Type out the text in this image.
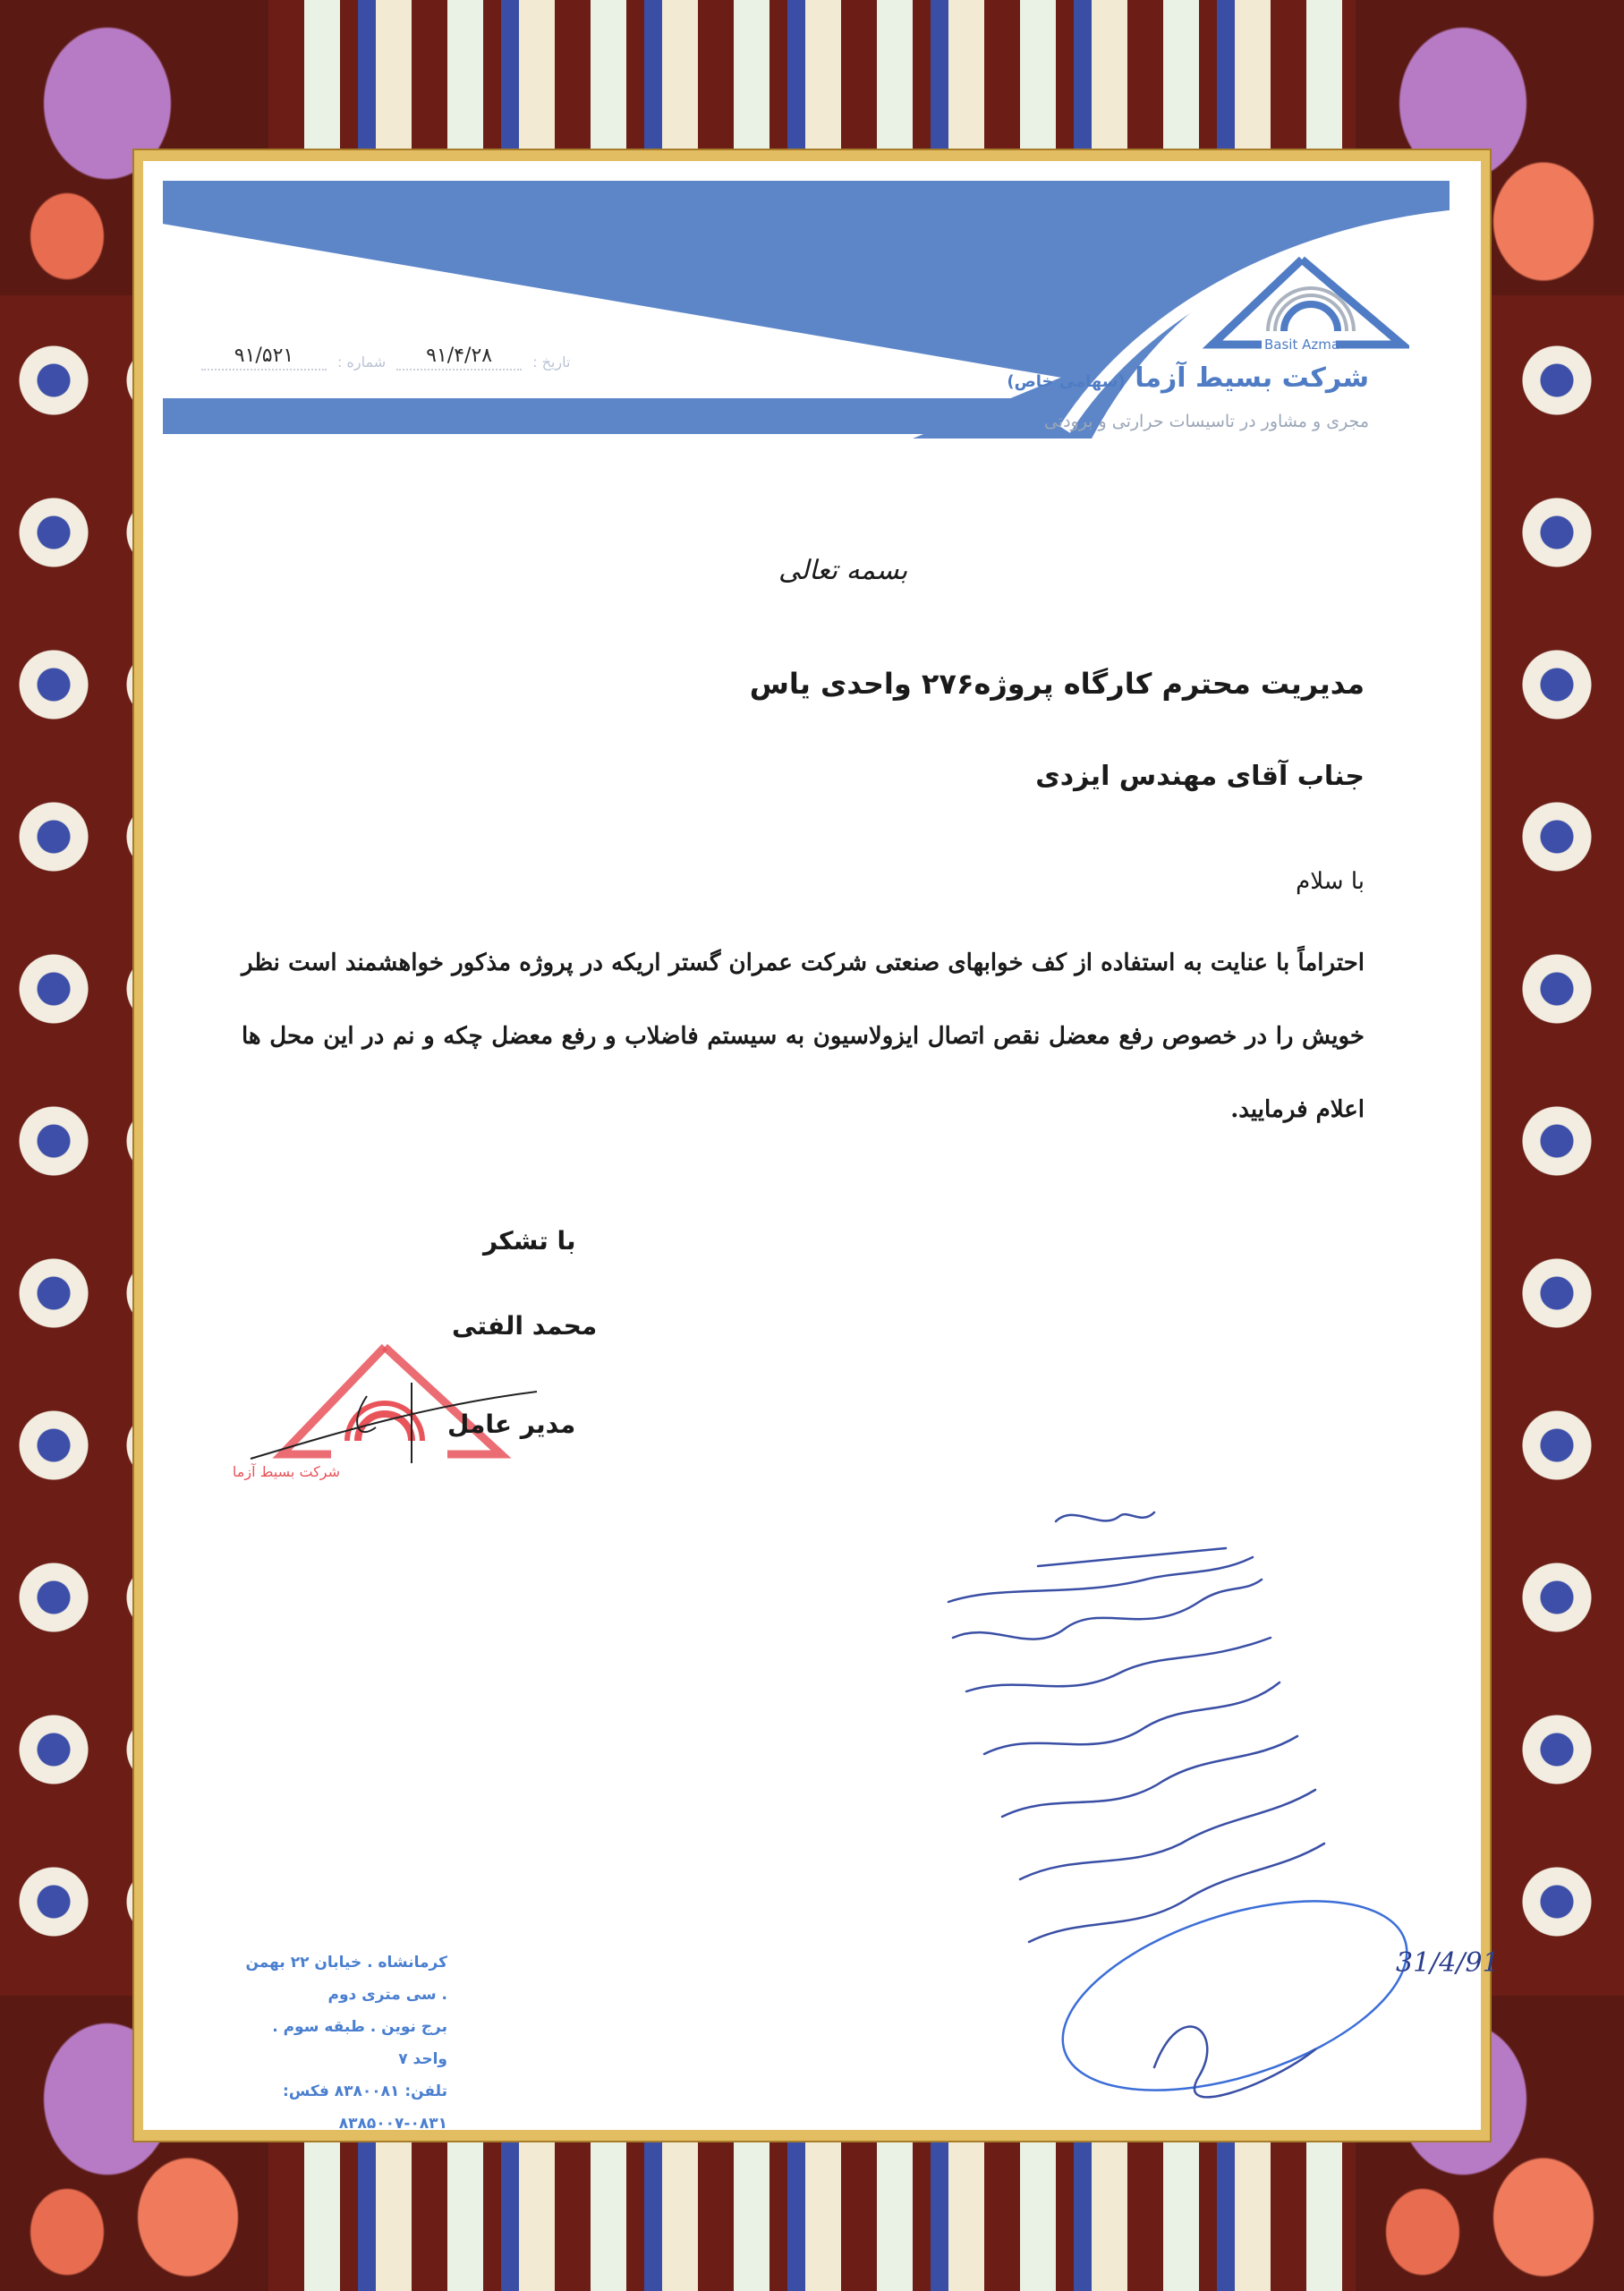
Basit Azma
شرکت بسیط آزما (سهامی خاص)
مجری و مشاور در تاسیسات حرارتی و برودتی
تاریخ :
۹۱/۴/۲۸
شماره :
۹۱/۵۲۱
بسمه تعالی
مدیریت محترم کارگاه پروژه۲۷۶ واحدی یاس
جناب آقای مهندس ایزدی
با سلام
احتراماً با عنایت به استفاده از کف خوابهای صنعتی شرکت عمران گستر اریکه در پروژه مذکور خواهشمند است نظر خویش را در خصوص رفع معضل نقص اتصال ایزولاسیون به سیستم فاضلاب و رفع معضل چکه و نم در این محل ها اعلام فرمایید.
با تشکر
محمد الفتی
شرکت بسیط آزما
مدیر عامل
کرمانشاه . خیابان ۲۲ بهمن . سی متری دوم
برج نوین . طبقه سوم . واحد ۷
تلفن: ۸۳۸۰۰۸۱ فکس: ۰۸۳۱-۸۳۸۵۰۰۷
31/4/91
